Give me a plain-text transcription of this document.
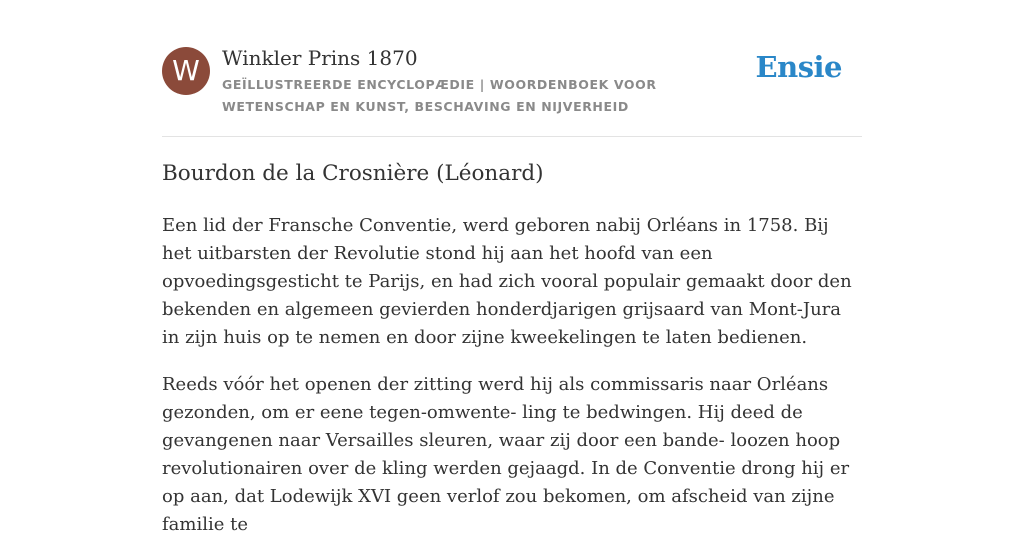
W	Winkler Prins 1870
GEÏLLUSTREERDE ENCYCLOPÆDIE | WOORDENBOEK VOOR WETENSCHAP EN KUNST, BESCHAVING EN NIJVERHEID
Ensie
Bourdon de la Crosnière (Léonard)

Een lid der Fransche Conventie, werd geboren nabij Orléans in 1758. Bij het uitbarsten der Revolutie stond hij aan het hoofd van een opvoedingsgesticht te Parijs, en had zich vooral populair gemaakt door den bekenden en algemeen gevierden honderdjarigen grijsaard van Mont-Jura in zijn huis op te nemen en door zijne kweekelingen te laten bedienen.

Reeds vóór het openen der zitting werd hij als commissaris naar Orléans gezonden, om er eene tegen-omwente- ling te bedwingen. Hij deed de gevangenen naar Versailles sleuren, waar zij door een bande- loozen hoop revolutionairen over de kling werden gejaagd. In de Conventie drong hij er op aan, dat Lodewijk XVI geen verlof zou bekomen, om afscheid van zijne familie te
